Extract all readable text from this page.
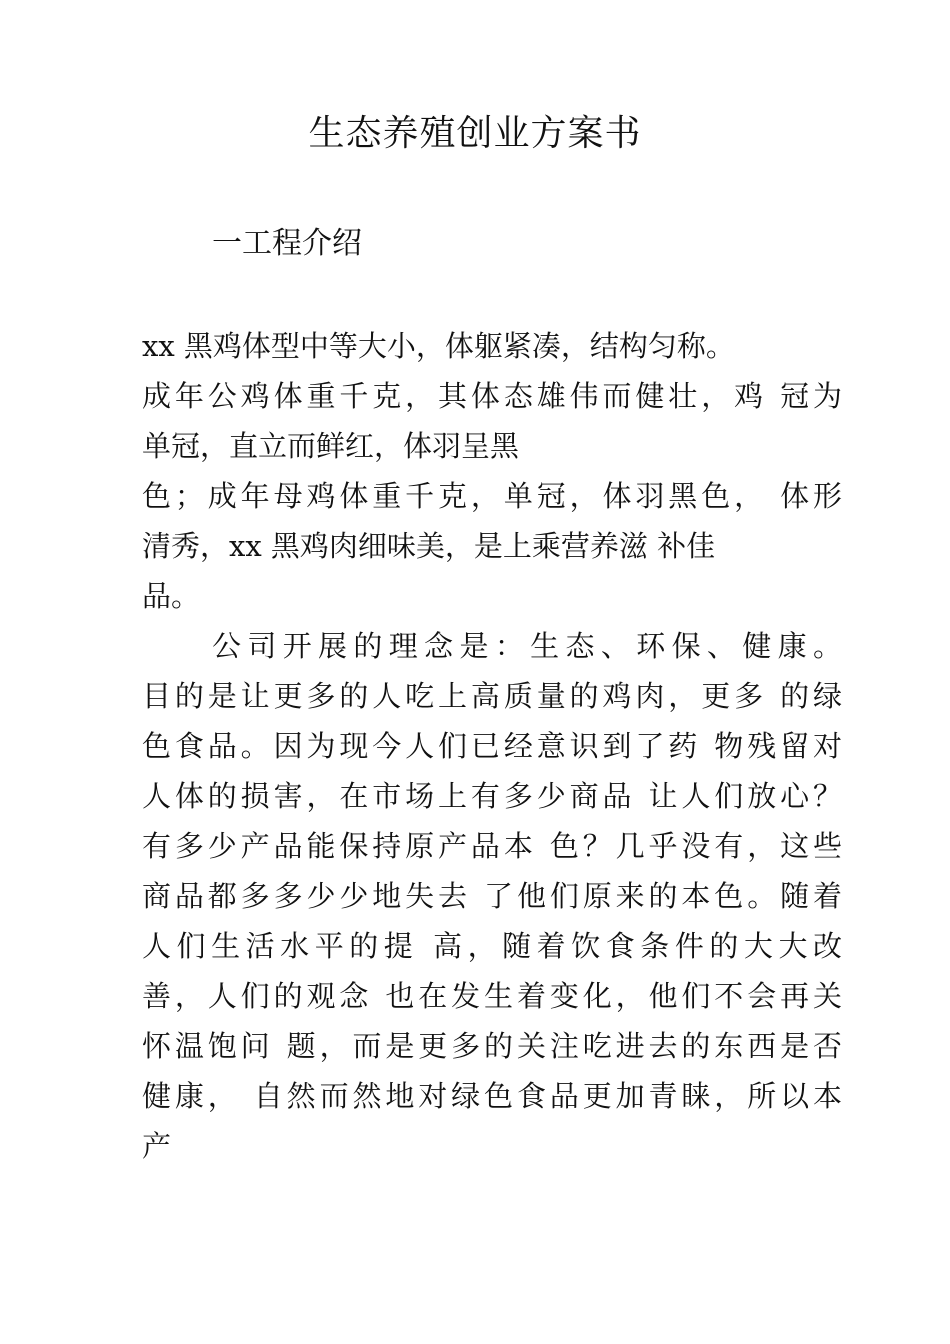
生态养殖创业方案书
一工程介绍
xx 黑鸡体型中等大小，体躯紧凑，结构匀称。
成年公鸡体重千克，其体态雄伟而健壮，鸡 冠为
单冠，直立而鲜红，体羽呈黑
色；成年母鸡体重千克，单冠，体羽黑色， 体形
清秀，xx 黑鸡肉细味美，是上乘营养滋 补佳
品。
公司开展的理念是：生态、环保、健康。
目的是让更多的人吃上高质量的鸡肉，更多 的绿
色食品。因为现今人们已经意识到了药 物残留对
人体的损害，在市场上有多少商品 让人们放心？
有多少产品能保持原产品本 色？几乎没有，这些
商品都多多少少地失去 了他们原来的本色。随着
人们生活水平的提 高，随着饮食条件的大大改
善，人们的观念 也在发生着变化，他们不会再关
怀温饱问 题，而是更多的关注吃进去的东西是否
健康， 自然而然地对绿色食品更加青睐，所以本
产
